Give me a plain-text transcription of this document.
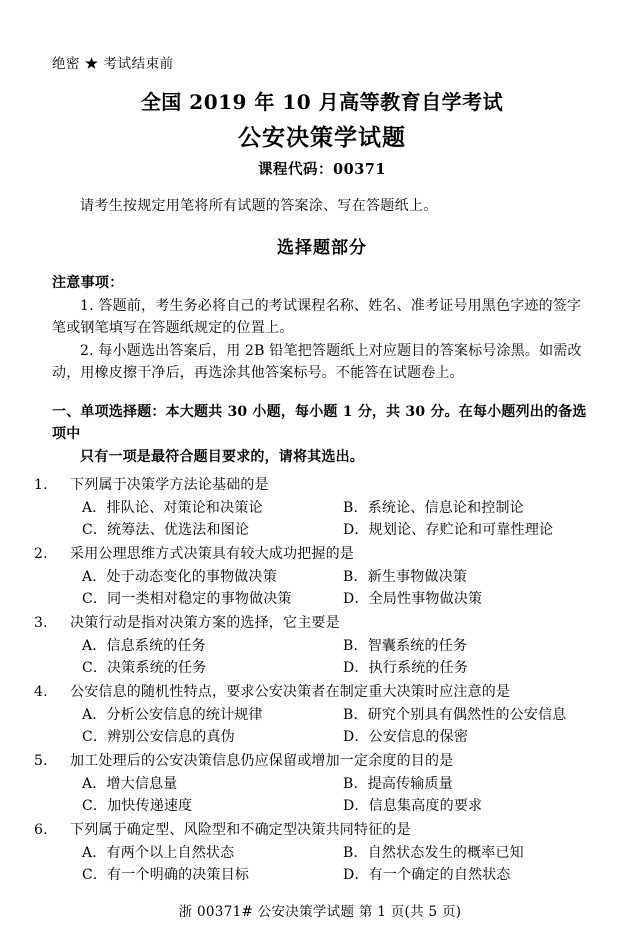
绝密 ★ 考试结束前
全国 2019 年 10 月高等教育自学考试
公安决策学试题
课程代码：00371
请考生按规定用笔将所有试题的答案涂、写在答题纸上。
选择题部分
注意事项：
1. 答题前，考生务必将自己的考试课程名称、姓名、准考证号用黑色字迹的签字笔或钢笔填写在答题纸规定的位置上。
2. 每小题选出答案后，用 2B 铅笔把答题纸上对应题目的答案标号涂黑。如需改动，用橡皮擦干净后，再选涂其他答案标号。不能答在试题卷上。
一、单项选择题：本大题共 30 小题，每小题 1 分，共 30 分。在每小题列出的备选项中
只有一项是最符合题目要求的，请将其选出。
1. 下列属于决策学方法论基础的是
A．排队论、对策论和决策论	B．系统论、信息论和控制论
C．统筹法、优选法和图论	D．规划论、存贮论和可靠性理论
2. 采用公理思维方式决策具有较大成功把握的是
A．处于动态变化的事物做决策	B．新生事物做决策
C．同一类相对稳定的事物做决策	D．全局性事物做决策
3. 决策行动是指对决策方案的选择，它主要是
A．信息系统的任务	B．智囊系统的任务
C．决策系统的任务	D．执行系统的任务
4. 公安信息的随机性特点，要求公安决策者在制定重大决策时应注意的是
A．分析公安信息的统计规律	B．研究个别具有偶然性的公安信息
C．辨别公安信息的真伪	D．公安信息的保密
5. 加工处理后的公安决策信息仍应保留或增加一定余度的目的是
A．增大信息量	B．提高传输质量
C．加快传递速度	D．信息集高度的要求
6. 下列属于确定型、风险型和不确定型决策共同特征的是
A．有两个以上自然状态	B．自然状态发生的概率已知
C．有一个明确的决策目标	D．有一个确定的自然状态
浙 00371# 公安决策学试题 第 1 页(共 5 页)
